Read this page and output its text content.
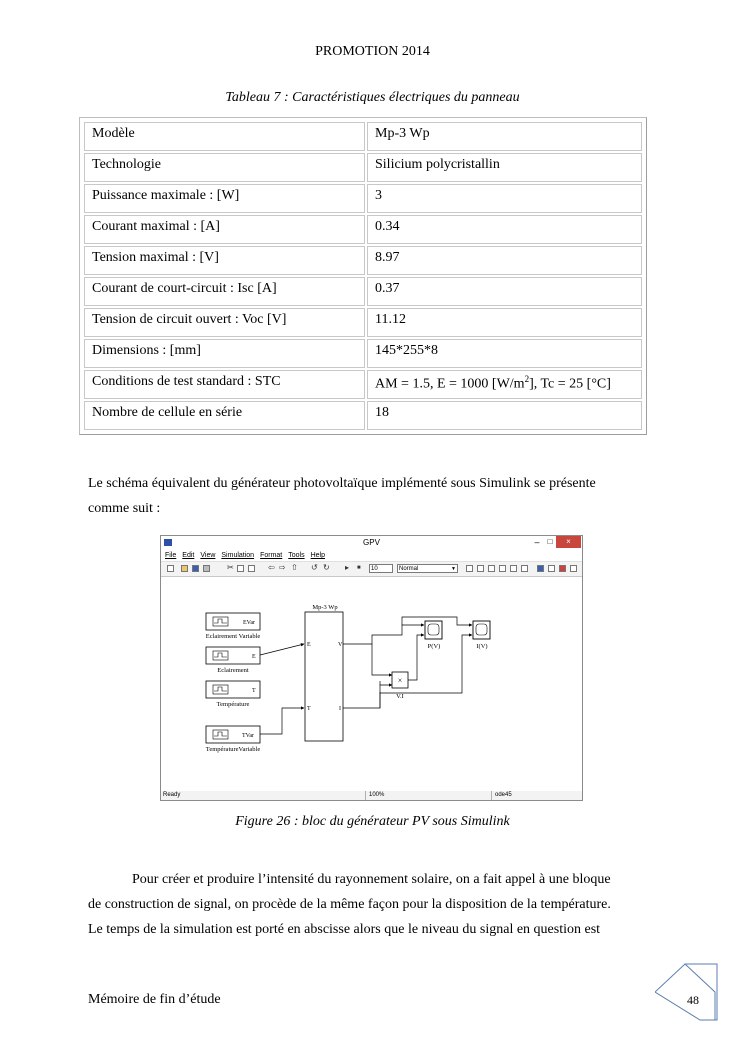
PROMOTION 2014
Tableau 7 : Caractéristiques électriques du panneau
Modèle	Mp-3 Wp
Technologie	Silicium polycristallin
Puissance maximale : [W]	3
Courant maximal : [A]	0.34
Tension maximal : [V]	8.97
Courant de court-circuit : Isc [A]	0.37
Tension de circuit ouvert : Voc [V]	11.12
Dimensions : [mm]	145*255*8
Conditions de test standard : STC	AM = 1.5, E = 1000 $[W/m^2]$, Tc = 25 [°C]
Nombre de cellule en série	18
Le schéma équivalent du générateur photovoltaïque implémenté sous Simulink se présente
comme suit :
GPV	–	□	×
File Edit View Simulation Format Tools Help
✂	⇦ ⇨ ⇧ ↺ ↻ ▸ ■	10	Normal	▼
EVar
Eclairement Variable
E
Eclairement
T
Température
TVar
TempératureVariable
Mp-3 Wp
E
T
V
I
×
V.I
P(V)	I(V)
Ready	100%	ode45
Figure 26 : bloc du générateur PV sous Simulink
Pour créer et produire l’intensité du rayonnement solaire, on a fait appel à une bloque
de construction de signal, on procède de la même façon pour la disposition de la température.
Le temps de la simulation est porté en abscisse alors que le niveau du signal en question est
Mémoire de fin d’étude	48
